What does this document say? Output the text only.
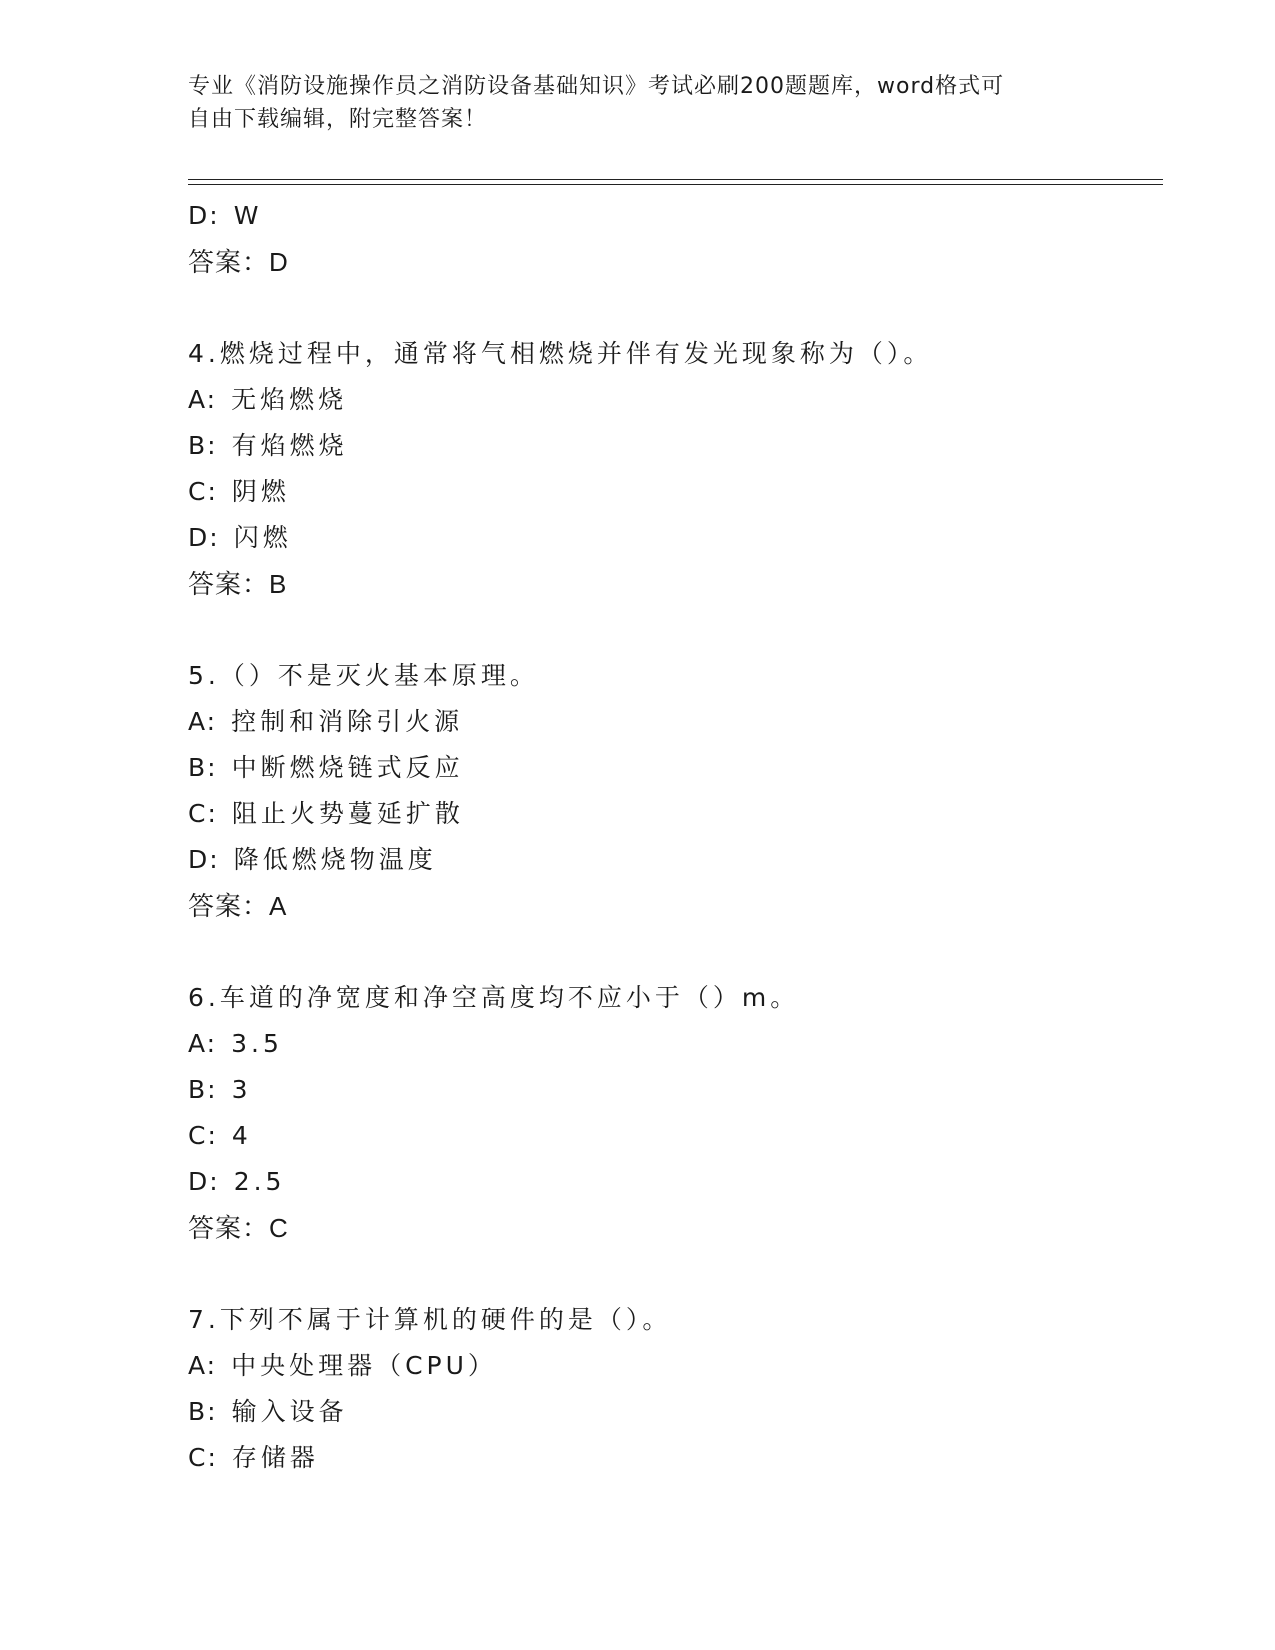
专业《消防设施操作员之消防设备基础知识》考试必刷200题题库，word格式可
自由下载编辑，附完整答案！
D: W
答案：D
4.燃烧过程中，通常将气相燃烧并伴有发光现象称为（）。
A: 无焰燃烧
B: 有焰燃烧
C: 阴燃
D: 闪燃
答案：B
5.（）不是灭火基本原理。
A: 控制和消除引火源
B: 中断燃烧链式反应
C: 阻止火势蔓延扩散
D: 降低燃烧物温度
答案：A
6.车道的净宽度和净空高度均不应小于（）m。
A: 3.5
B: 3
C: 4
D: 2.5
答案：C
7.下列不属于计算机的硬件的是（）。
A: 中央处理器（CPU）
B: 输入设备
C: 存储器
